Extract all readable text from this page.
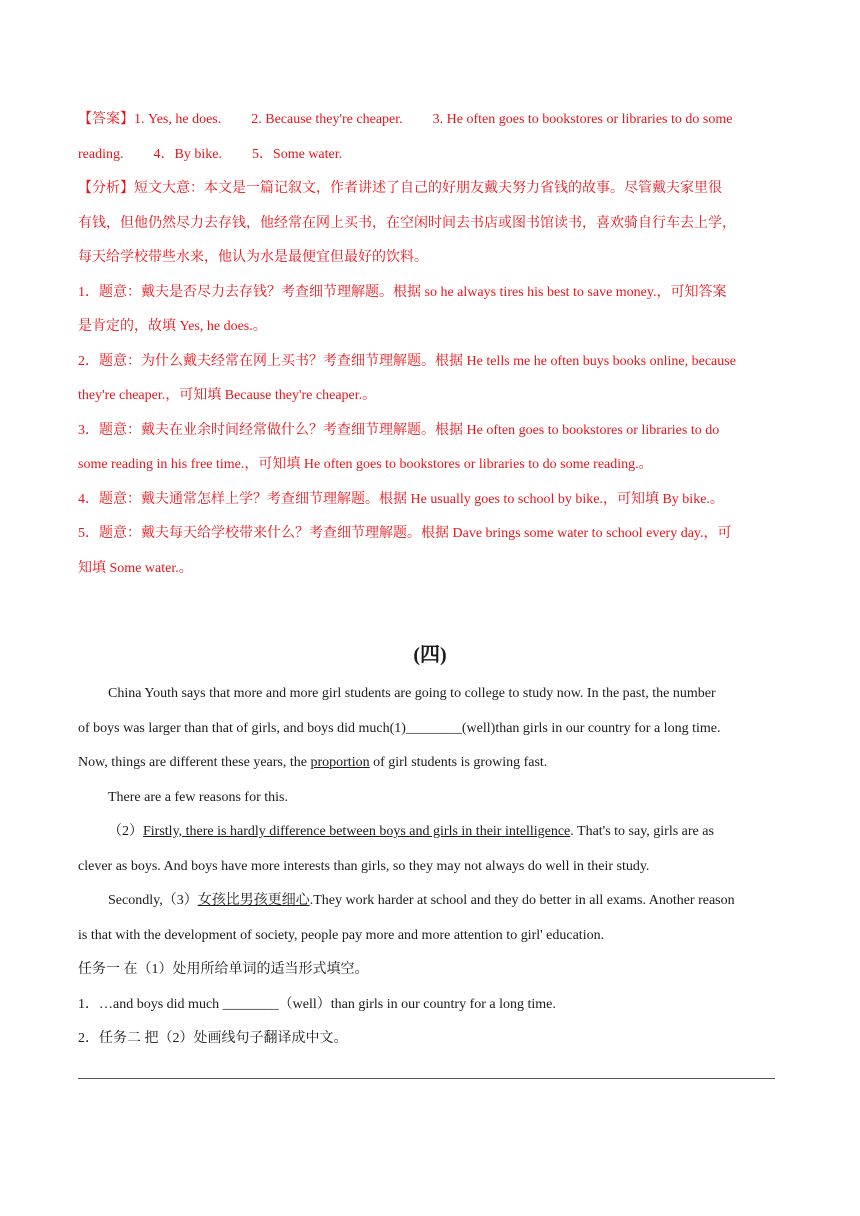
【答案】1. Yes, he does. 2. Because they're cheaper. 3. He often goes to bookstores or libraries to do some
reading. 4．By bike. 5．Some water.
【分析】短文大意：本文是一篇记叙文，作者讲述了自己的好朋友戴夫努力省钱的故事。尽管戴夫家里很
有钱，但他仍然尽力去存钱，他经常在网上买书，在空闲时间去书店或图书馆读书，喜欢骑自行车去上学，
每天给学校带些水来，他认为水是最便宜但最好的饮料。
1．题意：戴夫是否尽力去存钱？考查细节理解题。根据 so he always tires his best to save money.，可知答案
是肯定的，故填 Yes, he does.。
2．题意：为什么戴夫经常在网上买书？考查细节理解题。根据 He tells me he often buys books online, because
they're cheaper.，可知填 Because they're cheaper.。
3．题意：戴夫在业余时间经常做什么？考查细节理解题。根据 He often goes to bookstores or libraries to do
some reading in his free time.，可知填 He often goes to bookstores or libraries to do some reading.。
4．题意：戴夫通常怎样上学？考查细节理解题。根据 He usually goes to school by bike.，可知填 By bike.。
5．题意：戴夫每天给学校带来什么？考查细节理解题。根据 Dave brings some water to school every day.，可
知填 Some water.。
(四)
China Youth says that more and more girl students are going to college to study now. In the past, the number
of boys was larger than that of girls, and boys did much(1)________(well)than girls in our country for a long time.
Now, things are different these years, the proportion of girl students is growing fast.
There are a few reasons for this.
（2）Firstly, there is hardly difference between boys and girls in their intelligence. That's to say, girls are as
clever as boys. And boys have more interests than girls, so they may not always do well in their study.
Secondly,（3）女孩比男孩更细心.They work harder at school and they do better in all exams. Another reason
is that with the development of society, people pay more and more attention to girl' education.
任务一 在（1）处用所给单词的适当形式填空。
1．…and boys did much ________（well）than girls in our country for a long time.
2．任务二 把（2）处画线句子翻译成中文。
